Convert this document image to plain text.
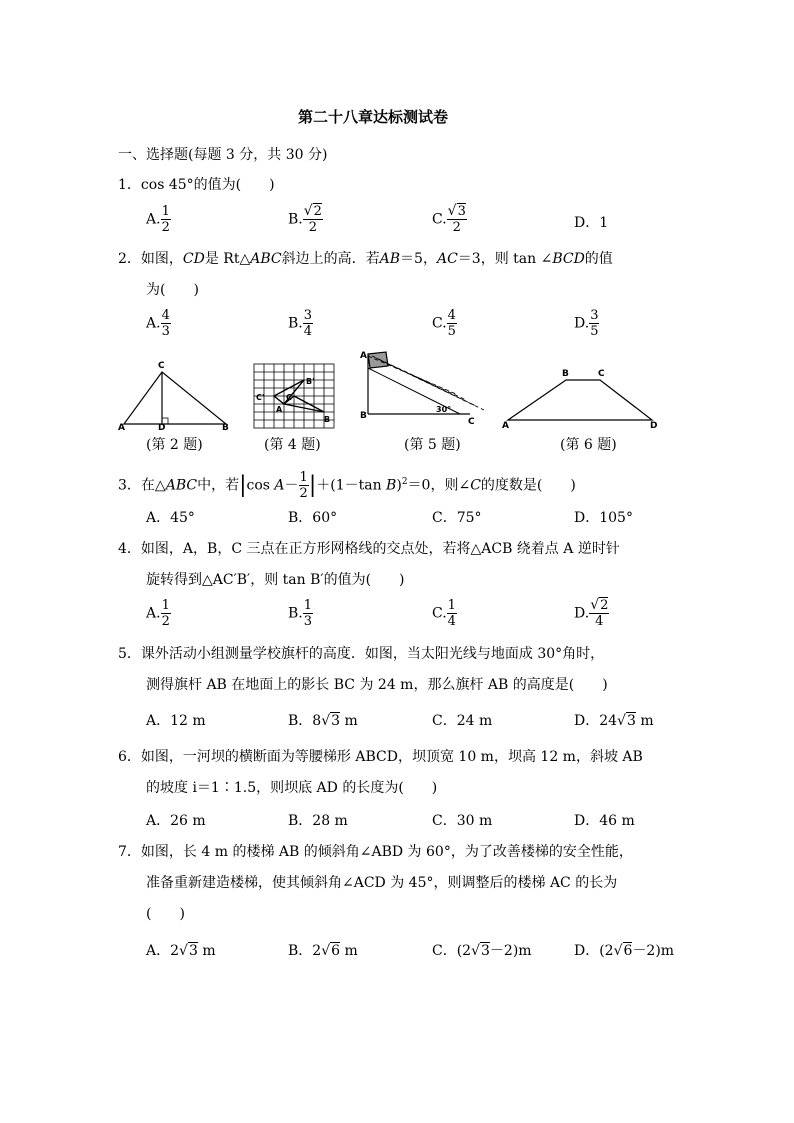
第二十八章达标测试卷
一、选择题(每题 3 分，共 30 分)
1．cos 45°的值为(　　)
A. $\frac{1}{2}$	B. $\frac{√2}{2}$	C. $\frac{√3}{2}$	D．1
2．如图，CD是 Rt△ABC斜边上的高．若AB＝5，AC＝3，则 tan ∠BCD的值
为(　　)
A. $\frac{4}{3}$	B. $\frac{3}{4}$	C. $\frac{4}{5}$	D. $\frac{3}{5}$
C
A	D	B
B'
C'	C
A
B
A
B
C
30°
B	C
A	D
(第 2 题)	(第 4 题)	(第 5 题)	(第 6 题)
3．在△ABC中，若|cos $A- \frac{1}{2} |+(1-\tan$ B)$^2$＝0，则∠C的度数是(　　)
A．45°	B．60°	C．75°	D．105°
4．如图，A，B，C 三点在正方形网格线的交点处，若将△ACB 绕着点 A 逆时针
旋转得到△AC′B′，则 tan B′的值为(　　)
A. $\frac{1}{2}$	B. $\frac{1}{3}$	C. $\frac{1}{4}$	D. $\frac{√2}{4}$
5．课外活动小组测量学校旗杆的高度．如图，当太阳光线与地面成 30°角时，
测得旗杆 AB 在地面上的影长 BC 为 24 m，那么旗杆 AB 的高度是(　　)
A．12 m	B．8√3 m	C．24 m	D．24√3 m
6．如图，一河坝的横断面为等腰梯形 ABCD，坝顶宽 10 m，坝高 12 m，斜坡 AB
的坡度 i＝1∶1.5，则坝底 AD 的长度为(　　)
A．26 m	B．28 m	C．30 m	D．46 m
7．如图，长 4 m 的楼梯 AB 的倾斜角∠ABD 为 60°，为了改善楼梯的安全性能，
准备重新建造楼梯，使其倾斜角∠ACD 为 45°，则调整后的楼梯 AC 的长为
(　　)
A．2√3 m	B．2√6 m	C．(2√3－2)m	D．(2√6－2)m
